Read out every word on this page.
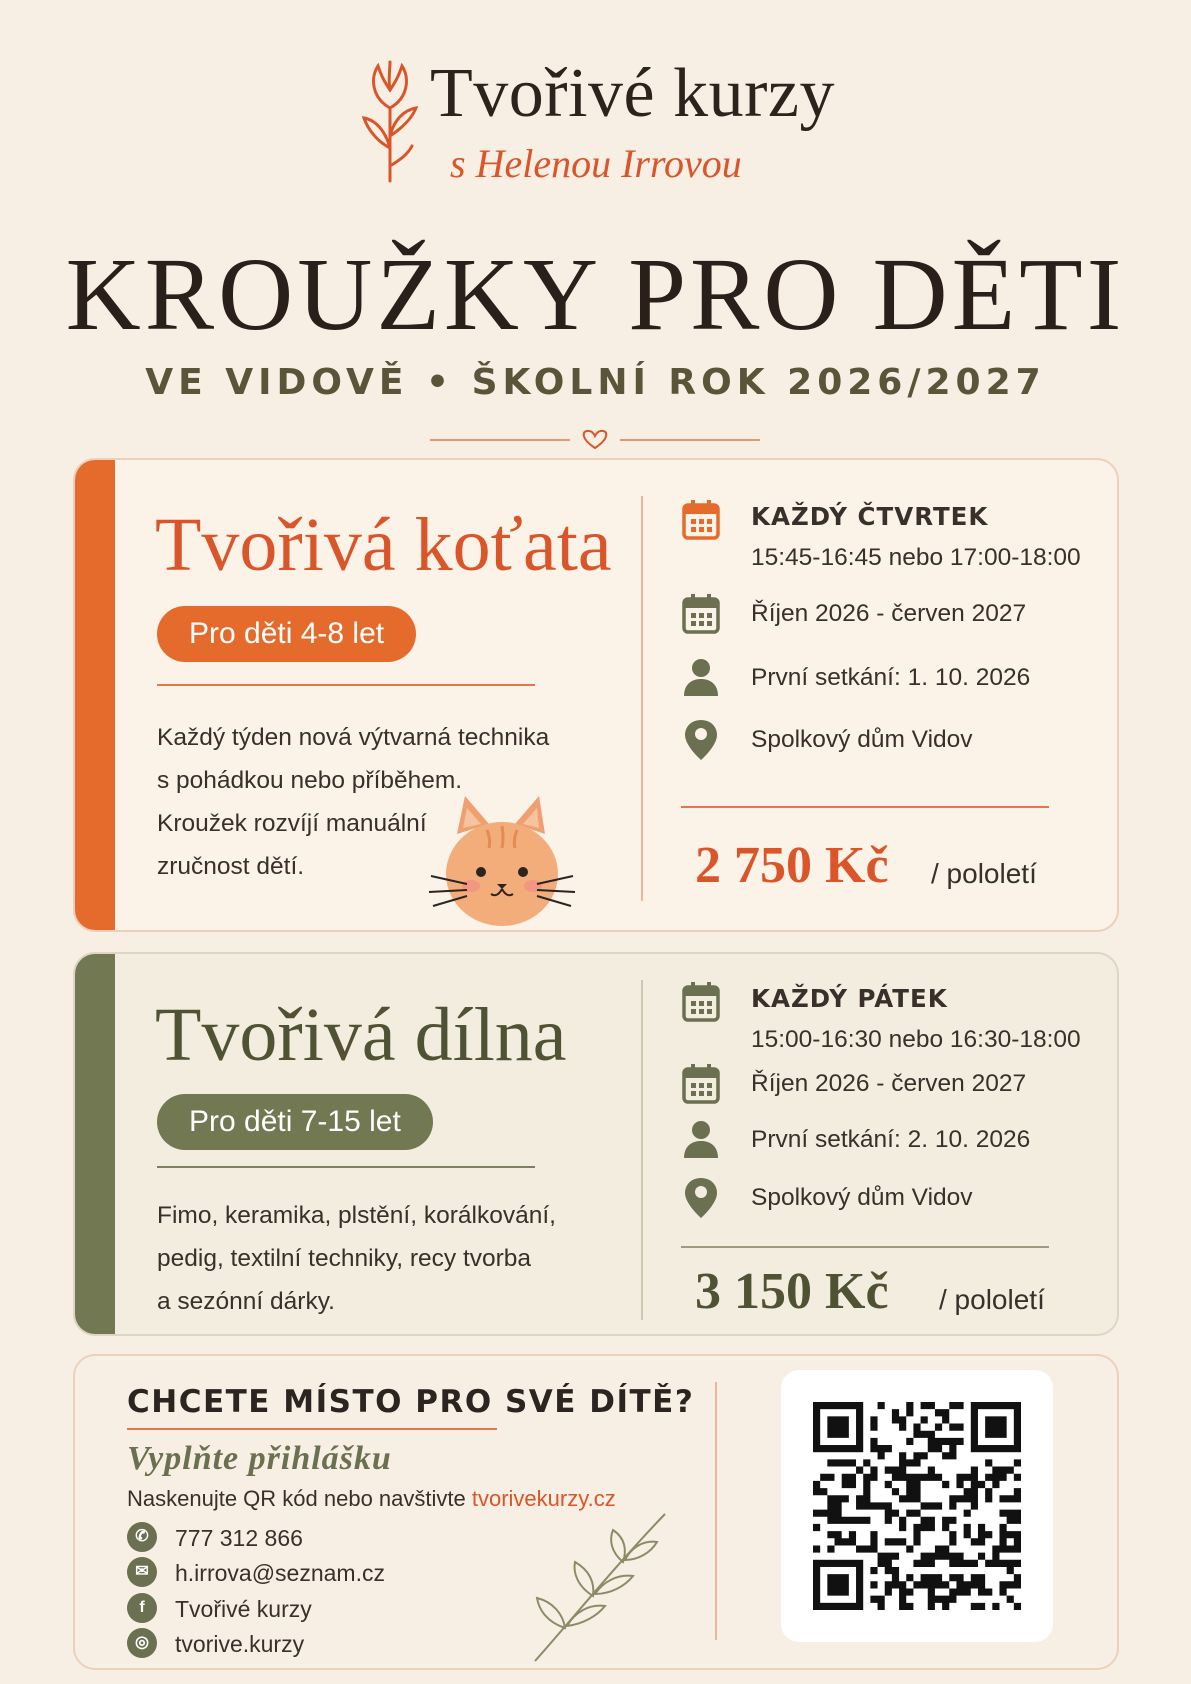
Tvořivé kurzy
s Helenou Irrovou
KROUŽKY PRO DĚTI
VE VIDOVĚ • ŠKOLNÍ ROK 2026/2027
Tvořivá koťata
Pro děti 4-8 let
Každý týden nová výtvarná technika
s pohádkou nebo příběhem.
Kroužek rozvíjí manuální
zručnost dětí.
KAŽDÝ ČTVRTEK
15:45-16:45 nebo 17:00-18:00
Říjen 2026 - červen 2027
První setkání: 1. 10. 2026
Spolkový dům Vidov
2 750 Kč / pololetí
Tvořivá dílna
Pro děti 7-15 let
Fimo, keramika, plstění, korálkování,
pedig, textilní techniky, recy tvorba
a sezónní dárky.
KAŽDÝ PÁTEK
15:00-16:30 nebo 16:30-18:00
Říjen 2026 - červen 2027
První setkání: 2. 10. 2026
Spolkový dům Vidov
3 150 Kč / pololetí
CHCETE MÍSTO PRO SVÉ DÍTĚ?
Vyplňte přihlášku
Naskenujte QR kód nebo navštivte tvorivekurzy.cz
✆	777 312 866
✉	h.irrova@seznam.cz
f	Tvořivé kurzy
◎	tvorive.kurzy
